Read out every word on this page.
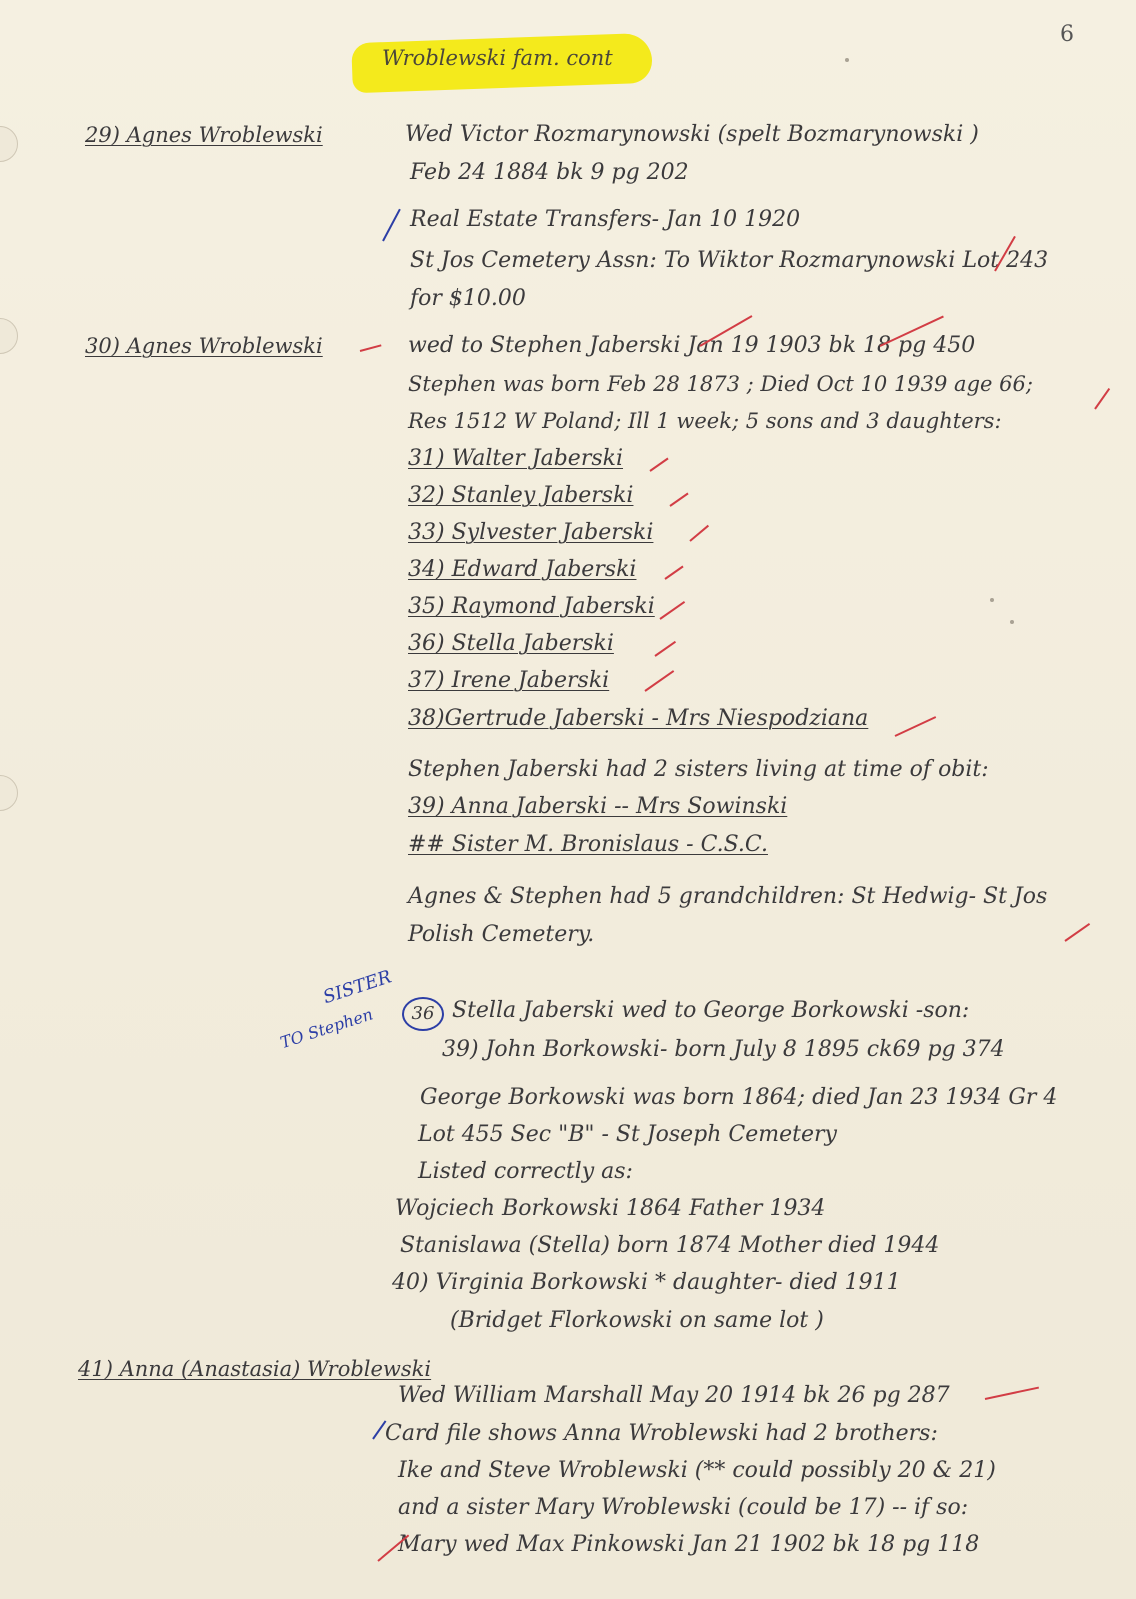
6
Wroblewski fam. cont
29) Agnes Wroblewski	Wed Victor Rozmarynowski (spelt Bozmarynowski )
Feb 24 1884 bk 9 pg 202
Real Estate Transfers- Jan 10 1920
St Jos Cemetery Assn: To Wiktor Rozmarynowski Lot 243
for $10.00
30) Agnes Wroblewski	wed to Stephen Jaberski Jan 19 1903 bk 18 pg 450
Stephen was born Feb 28 1873 ; Died Oct 10 1939 age 66;
Res 1512 W Poland; Ill 1 week; 5 sons and 3 daughters:
31) Walter Jaberski
32) Stanley Jaberski
33) Sylvester Jaberski
34) Edward Jaberski
35) Raymond Jaberski
36) Stella Jaberski
37) Irene Jaberski
38)Gertrude Jaberski - Mrs Niespodziana
Stephen Jaberski had 2 sisters living at time of obit:
39) Anna Jaberski -- Mrs Sowinski
## Sister M. Bronislaus - C.S.C.
Agnes & Stephen had 5 grandchildren: St Hedwig- St Jos
Polish Cemetery.
SISTER
TO Stephen	36 Stella Jaberski wed to George Borkowski -son:
39) John Borkowski- born July 8 1895 ck69 pg 374
George Borkowski was born 1864; died Jan 23 1934 Gr 4
Lot 455 Sec "B" - St Joseph Cemetery
Listed correctly as:
Wojciech Borkowski 1864 Father 1934
Stanislawa (Stella) born 1874 Mother died 1944
40) Virginia Borkowski * daughter- died 1911
(Bridget Florkowski on same lot )
41) Anna (Anastasia) Wroblewski
Wed William Marshall May 20 1914 bk 26 pg 287
Card file shows Anna Wroblewski had 2 brothers:
Ike and Steve Wroblewski (** could possibly 20 & 21)
and a sister Mary Wroblewski (could be 17) -- if so:
Mary wed Max Pinkowski Jan 21 1902 bk 18 pg 118
